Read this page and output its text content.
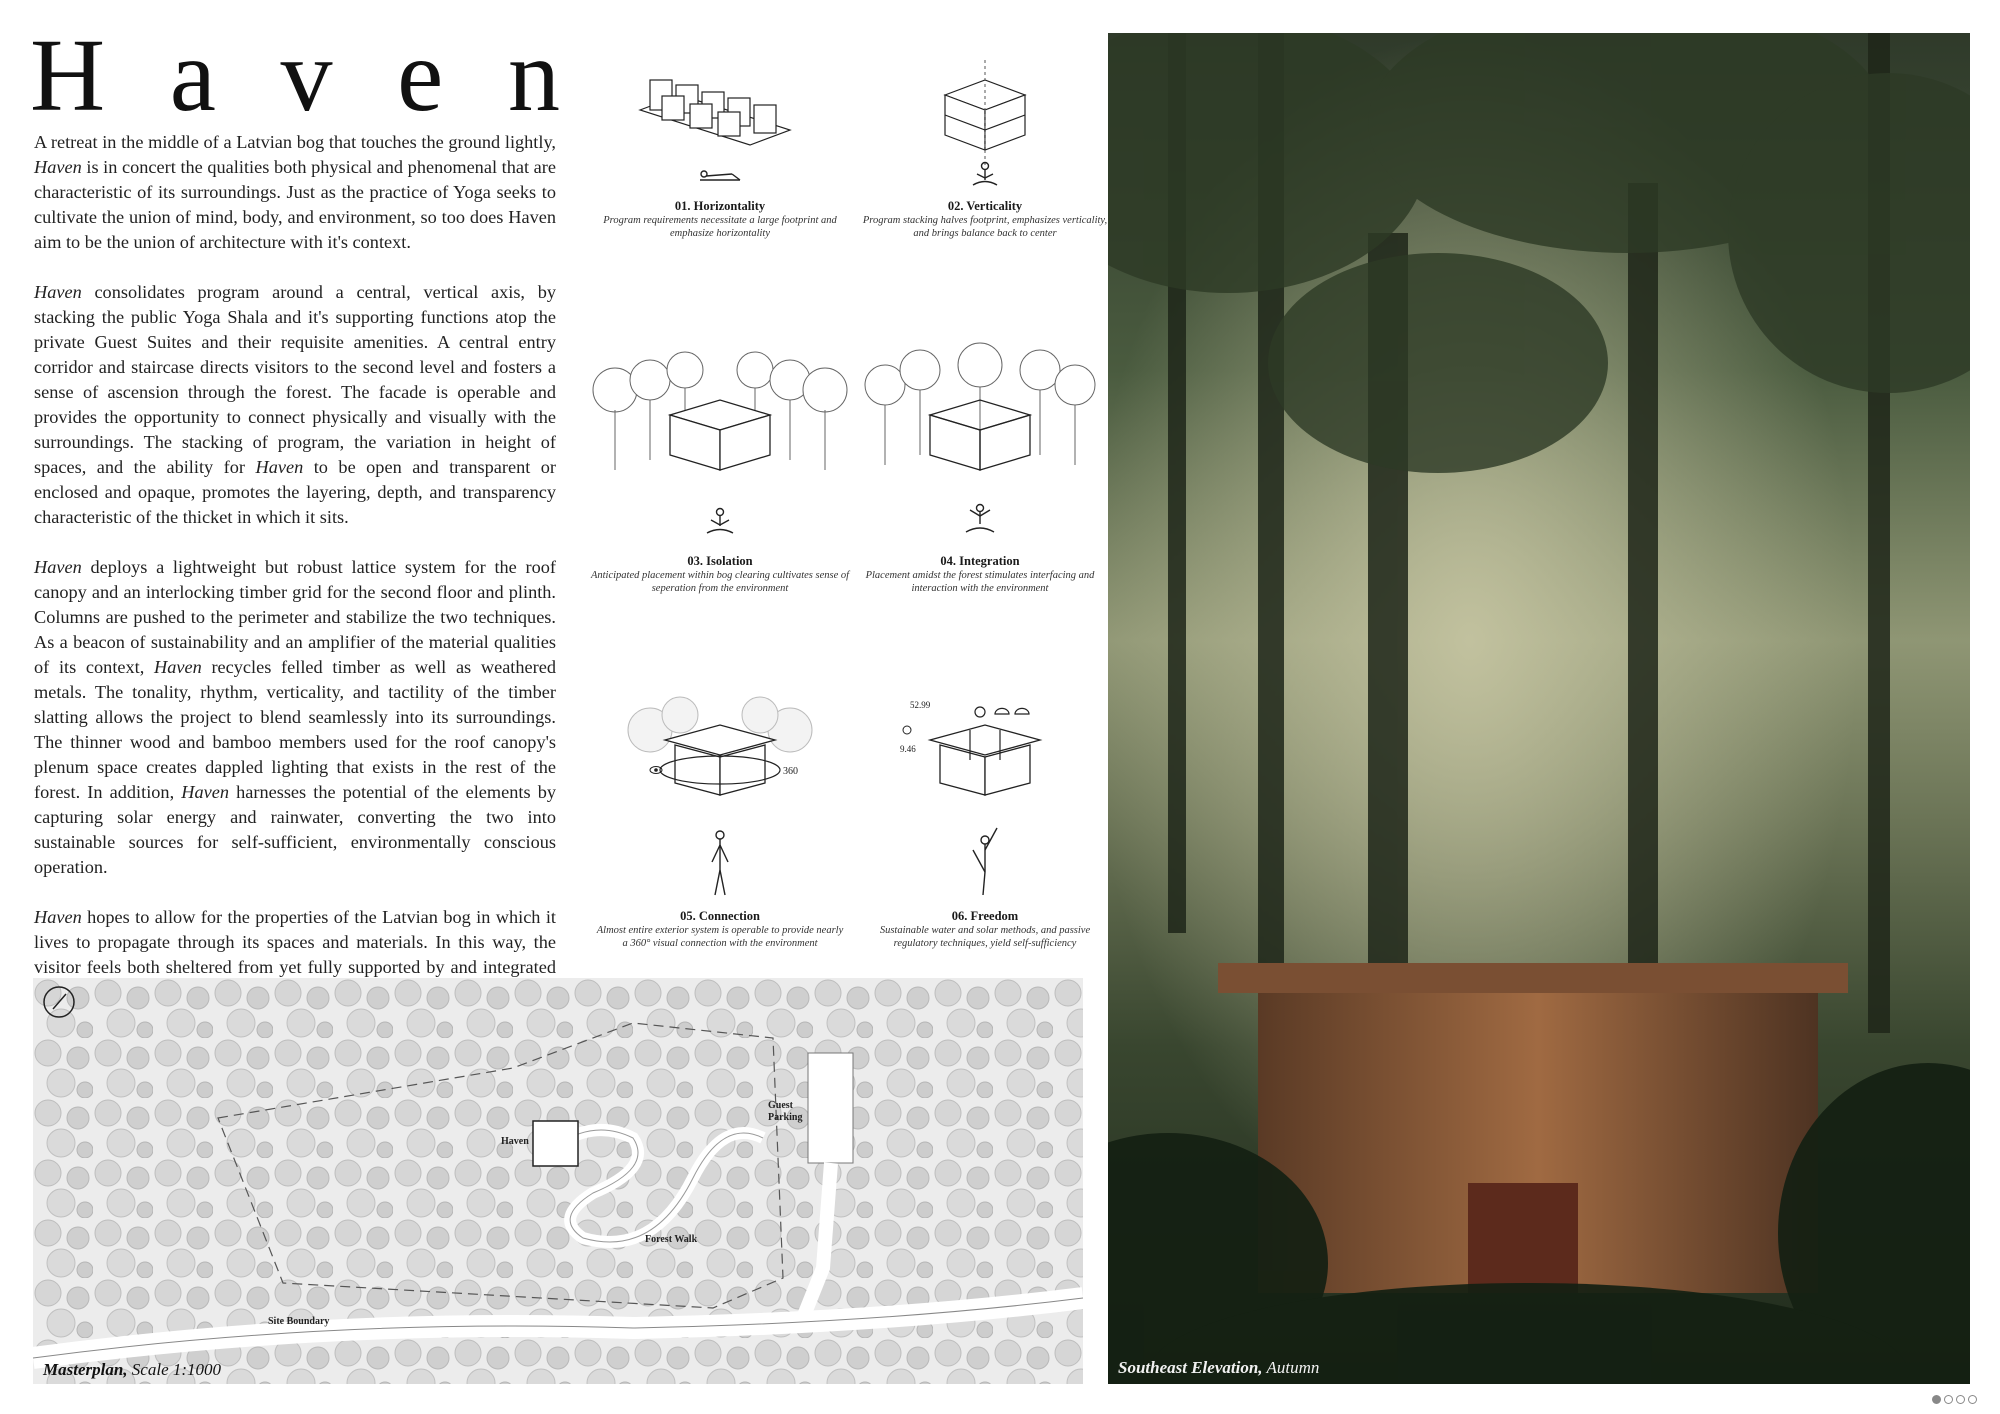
H a v e n

A retreat in the middle of a Latvian bog that touches the ground lightly, Haven is in concert the qualities both physical and phenomenal that are characteristic of its surroundings. Just as the practice of Yoga seeks to cultivate the union of mind, body, and environment, so too does Haven aim to be the union of architecture with it's context.

Haven consolidates program around a central, vertical axis, by stacking the public Yoga Shala and it's supporting functions atop the private Guest Suites and their requisite amenities. A central entry corridor and staircase directs visitors to the second level and fosters a sense of ascension through the forest. The facade is operable and provides the opportunity to connect physically and visually with the surroundings. The stacking of program, the variation in height of spaces, and the ability for Haven to be open and transparent or enclosed and opaque, promotes the layering, depth, and transparency characteristic of the thicket in which it sits.

Haven deploys a lightweight but robust lattice system for the roof canopy and an interlocking timber grid for the second floor and plinth. Columns are pushed to the perimeter and stabilize the two techniques. As a beacon of sustainability and an amplifier of the material qualities of its context, Haven recycles felled timber as well as weathered metals. The tonality, rhythm, verticality, and tactility of the timber slatting allows the project to blend seamlessly into its surroundings. The thinner wood and bamboo members used for the roof canopy's plenum space creates dappled lighting that exists in the rest of the forest. In addition, Haven harnesses the potential of the elements by capturing solar energy and rainwater, converting the two into sustainable sources for self-sufficient, environmentally conscious operation.

Haven hopes to allow for the properties of the Latvian bog in which it lives to propagate through its spaces and materials. In this way, the visitor feels both sheltered from yet fully supported by and integrated

01. Horizontality
Program requirements necessitate a large footprint and emphasize horizontality
02. Verticality
Program stacking halves footprint, emphasizes verticality, and brings balance back to center
03. Isolation
Anticipated placement within bog clearing cultivates sense of seperation from the environment
04. Integration
Placement amidst the forest stimulates interfacing and interaction with the environment
360
05. Connection
Almost entire exterior system is operable to provide nearly a 360° visual connection with the environment
52.99
9.46
06. Freedom
Sustainable water and solar methods, and passive regulatory techniques, yield self-sufficiency
Haven
Guest
Parking
Forest Walk
Site Boundary
Masterplan, Scale 1:1000	Southeast Elevation, Autumn
